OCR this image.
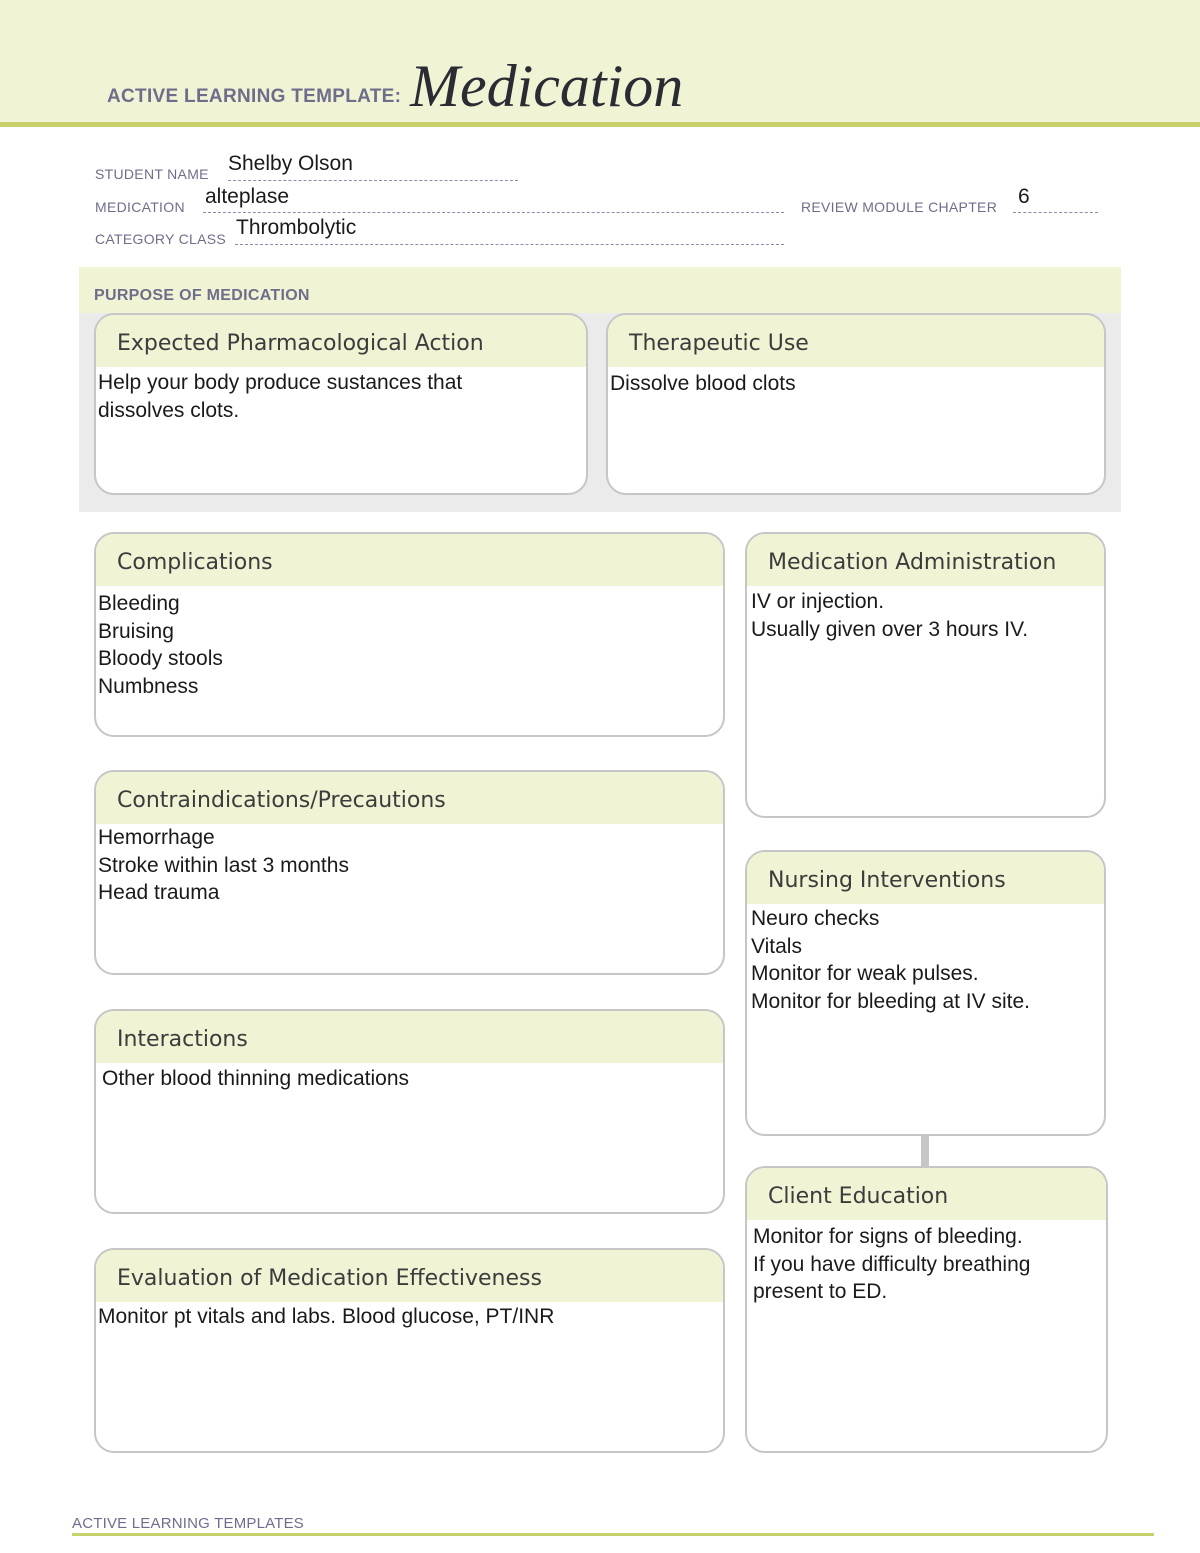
ACTIVE LEARNING TEMPLATE: Medication
STUDENT NAME Shelby Olson
MEDICATION alteplase	REVIEW MODULE CHAPTER 6
CATEGORY CLASS Thrombolytic
PURPOSE OF MEDICATION
Expected Pharmacological Action
Help your body produce sustances that
dissolves clots.
Therapeutic Use
Dissolve blood clots
Complications
Bleeding
Bruising
Bloody stools
Numbness
Contraindications/Precautions
Hemorrhage
Stroke within last 3 months
Head trauma
Interactions
Other blood thinning medications
Evaluation of Medication Effectiveness
Monitor pt vitals and labs. Blood glucose, PT/INR
Medication Administration
IV or injection.
Usually given over 3 hours IV.
Nursing Interventions
Neuro checks
Vitals
Monitor for weak pulses.
Monitor for bleeding at IV site.
Client Education
Monitor for signs of bleeding.
If you have difficulty breathing
present to ED.
ACTIVE LEARNING TEMPLATES
